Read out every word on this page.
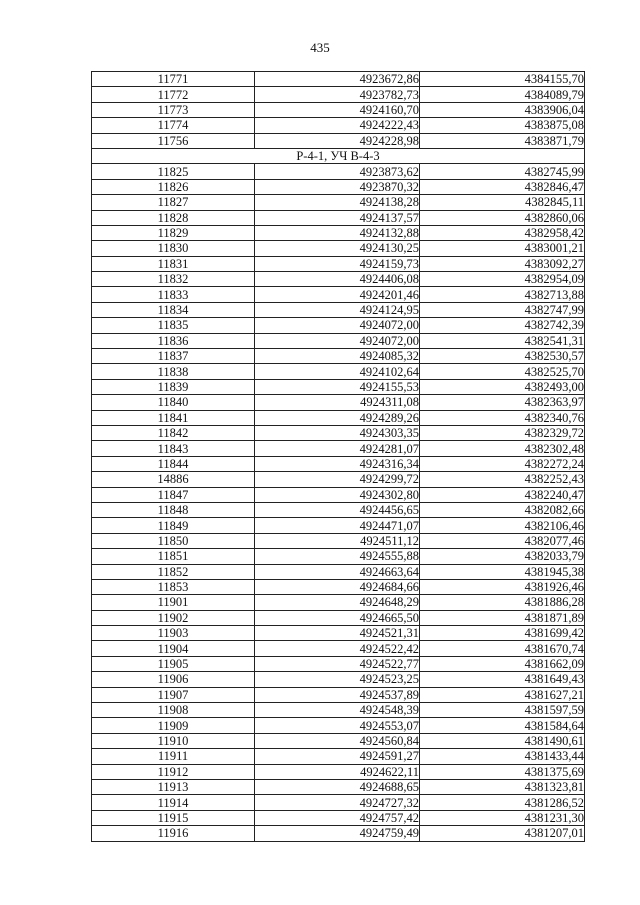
435
11771	4923672,86	4384155,70
11772	4923782,73	4384089,79
11773	4924160,70	4383906,04
11774	4924222,43	4383875,08
11756	4924228,98	4383871,79
Р-4-1, УЧ В-4-3		
11825	4923873,62	4382745,99
11826	4923870,32	4382846,47
11827	4924138,28	4382845,11
11828	4924137,57	4382860,06
11829	4924132,88	4382958,42
11830	4924130,25	4383001,21
11831	4924159,73	4383092,27
11832	4924406,08	4382954,09
11833	4924201,46	4382713,88
11834	4924124,95	4382747,99
11835	4924072,00	4382742,39
11836	4924072,00	4382541,31
11837	4924085,32	4382530,57
11838	4924102,64	4382525,70
11839	4924155,53	4382493,00
11840	4924311,08	4382363,97
11841	4924289,26	4382340,76
11842	4924303,35	4382329,72
11843	4924281,07	4382302,48
11844	4924316,34	4382272,24
14886	4924299,72	4382252,43
11847	4924302,80	4382240,47
11848	4924456,65	4382082,66
11849	4924471,07	4382106,46
11850	4924511,12	4382077,46
11851	4924555,88	4382033,79
11852	4924663,64	4381945,38
11853	4924684,66	4381926,46
11901	4924648,29	4381886,28
11902	4924665,50	4381871,89
11903	4924521,31	4381699,42
11904	4924522,42	4381670,74
11905	4924522,77	4381662,09
11906	4924523,25	4381649,43
11907	4924537,89	4381627,21
11908	4924548,39	4381597,59
11909	4924553,07	4381584,64
11910	4924560,84	4381490,61
11911	4924591,27	4381433,44
11912	4924622,11	4381375,69
11913	4924688,65	4381323,81
11914	4924727,32	4381286,52
11915	4924757,42	4381231,30
11916	4924759,49	4381207,01
